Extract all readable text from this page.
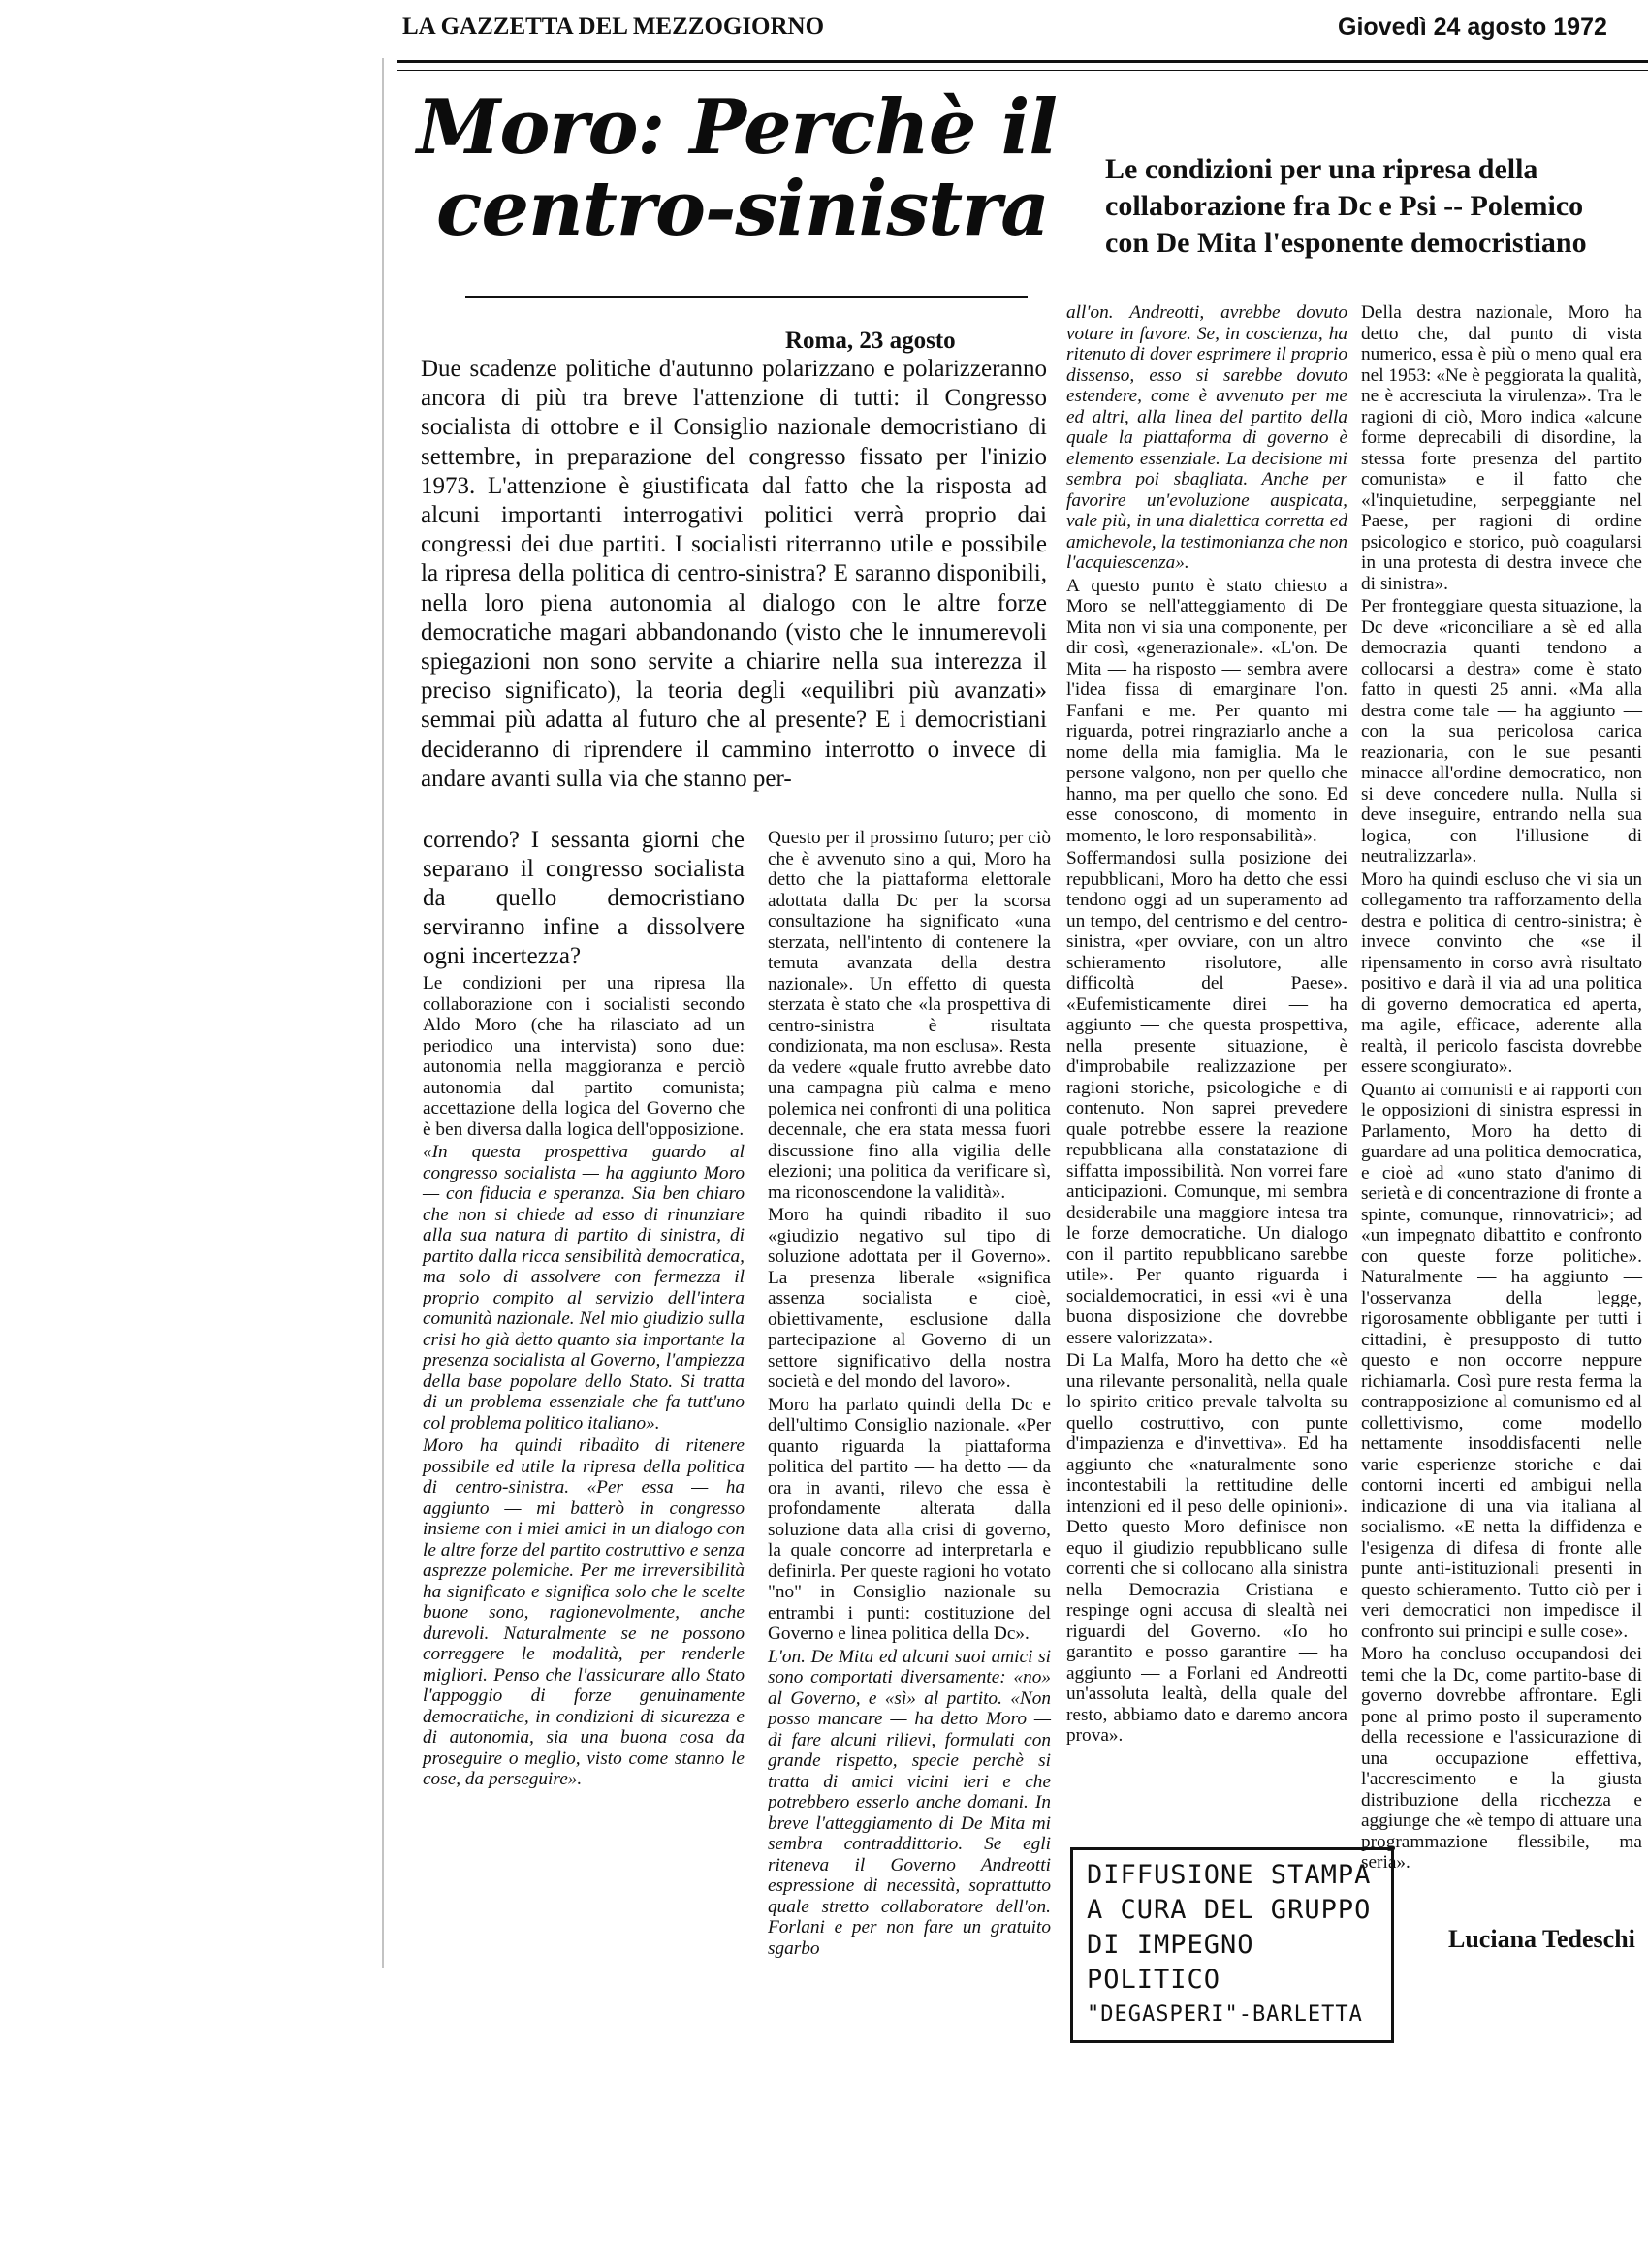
LA GAZZETTA DEL MEZZOGIORNO	Giovedì 24 agosto 1972
Moro: Perchè il
centro-sinistra Le condizioni per una ripresa della collaborazione fra Dc e Psi -- Polemico con De Mita l'esponente democristiano
Roma, 23 agosto
Due scadenze politiche d'autunno polarizzano e polarizzeranno ancora di più tra breve l'attenzione di tutti: il Congresso socialista di ottobre e il Consiglio nazionale democristiano di settembre, in preparazione del congresso fissato per l'inizio 1973. L'attenzione è giustificata dal fatto che la risposta ad alcuni importanti interrogativi politici verrà proprio dai congressi dei due partiti. I socialisti riterranno utile e possibile la ripresa della politica di centro-sinistra? E saranno disponibili, nella loro piena autonomia al dialogo con le altre forze democratiche magari abbandonando (visto che le innumerevoli spiegazioni non sono servite a chiarire nella sua interezza il preciso significato), la teoria degli «equilibri più avanzati» semmai più adatta al futuro che al presente? E i democristiani decideranno di riprendere il cammino interrotto o invece di andare avanti sulla via che stanno per-

correndo? I sessanta giorni che separano il congresso socialista da quello democristiano serviranno infine a dissolvere ogni incertezza?

Le condizioni per una ripresa lla collaborazione con i socialisti secondo Aldo Moro (che ha rilasciato ad un periodico una intervista) sono due: autonomia nella maggioranza e perciò autonomia dal partito comunista; accettazione della logica del Governo che è ben diversa dalla logica dell'opposizione.

«In questa prospettiva guardo al congresso socialista — ha aggiunto Moro — con fiducia e speranza. Sia ben chiaro che non si chiede ad esso di rinunziare alla sua natura di partito di sinistra, di partito dalla ricca sensibilità democratica, ma solo di assolvere con fermezza il proprio compito al servizio dell'intera comunità nazionale. Nel mio giudizio sulla crisi ho già detto quanto sia importante la presenza socialista al Governo, l'ampiezza della base popolare dello Stato. Si tratta di un problema essenziale che fa tutt'uno col problema politico italiano».

Moro ha quindi ribadito di ritenere possibile ed utile la ripresa della politica di centro-sinistra. «Per essa — ha aggiunto — mi batterò in congresso insieme con i miei amici in un dialogo con le altre forze del partito costruttivo e senza asprezze polemiche. Per me irreversibilità ha significato e significa solo che le scelte buone sono, ragionevolmente, anche durevoli. Naturalmente se ne possono correggere le modalità, per renderle migliori. Penso che l'assicurare allo Stato l'appoggio di forze genuinamente democratiche, in condizioni di sicurezza e di autonomia, sia una buona cosa da proseguire o meglio, visto come stanno le cose, da perseguire».

Questo per il prossimo futuro; per ciò che è avvenuto sino a qui, Moro ha detto che la piattaforma elettorale adottata dalla Dc per la scorsa consultazione ha significato «una sterzata, nell'intento di contenere la temuta avanzata della destra nazionale». Un effetto di questa sterzata è stato che «la prospettiva di centro-sinistra è risultata condizionata, ma non esclusa». Resta da vedere «quale frutto avrebbe dato una campagna più calma e meno polemica nei confronti di una politica decennale, che era stata messa fuori discussione fino alla vigilia delle elezioni; una politica da verificare sì, ma riconoscendone la validità».

Moro ha quindi ribadito il suo «giudizio negativo sul tipo di soluzione adottata per il Governo». La presenza liberale «significa assenza socialista e cioè, obiettivamente, esclusione dalla partecipazione al Governo di un settore significativo della nostra società e del mondo del lavoro».

Moro ha parlato quindi della Dc e dell'ultimo Consiglio nazionale. «Per quanto riguarda la piattaforma politica del partito — ha detto — da ora in avanti, rilevo che essa è profondamente alterata dalla soluzione data alla crisi di governo, la quale concorre ad interpretarla e definirla. Per queste ragioni ho votato "no" in Consiglio nazionale su entrambi i punti: costituzione del Governo e linea politica della Dc».

L'on. De Mita ed alcuni suoi amici si sono comportati diversamente: «no» al Governo, e «sì» al partito. «Non posso mancare — ha detto Moro — di fare alcuni rilievi, formulati con grande rispetto, specie perchè si tratta di amici vicini ieri e che potrebbero esserlo anche domani. In breve l'atteggiamento di De Mita mi sembra contraddittorio. Se egli riteneva il Governo Andreotti espressione di necessità, soprattutto quale stretto collaboratore dell'on. Forlani e per non fare un gratuito sgarbo

all'on. Andreotti, avrebbe dovuto votare in favore. Se, in coscienza, ha ritenuto di dover esprimere il proprio dissenso, esso si sarebbe dovuto estendere, come è avvenuto per me ed altri, alla linea del partito della quale la piattaforma di governo è elemento essenziale. La decisione mi sembra poi sbagliata. Anche per favorire un'evoluzione auspicata, vale più, in una dialettica corretta ed amichevole, la testimonianza che non l'acquiescenza».

A questo punto è stato chiesto a Moro se nell'atteggiamento di De Mita non vi sia una componente, per dir così, «generazionale». «L'on. De Mita — ha risposto — sembra avere l'idea fissa di emarginare l'on. Fanfani e me. Per quanto mi riguarda, potrei ringraziarlo anche a nome della mia famiglia. Ma le persone valgono, non per quello che hanno, ma per quello che sono. Ed esse conoscono, di momento in momento, le loro responsabilità».

Soffermandosi sulla posizione dei repubblicani, Moro ha detto che essi tendono oggi ad un superamento ad un tempo, del centrismo e del centro-sinistra, «per ovviare, con un altro schieramento risolutore, alle difficoltà del Paese». «Eufemisticamente direi — ha aggiunto — che questa prospettiva, nella presente situazione, è d'improbabile realizzazione per ragioni storiche, psicologiche e di contenuto. Non saprei prevedere quale potrebbe essere la reazione repubblicana alla constatazione di siffatta impossibilità. Non vorrei fare anticipazioni. Comunque, mi sembra desiderabile una maggiore intesa tra le forze democratiche. Un dialogo con il partito repubblicano sarebbe utile». Per quanto riguarda i socialdemocratici, in essi «vi è una buona disposizione che dovrebbe essere valorizzata».

Di La Malfa, Moro ha detto che «è una rilevante personalità, nella quale lo spirito critico prevale talvolta su quello costruttivo, con punte d'impazienza e d'invettiva». Ed ha aggiunto che «naturalmente sono incontestabili la rettitudine delle intenzioni ed il peso delle opinioni». Detto questo Moro definisce non equo il giudizio repubblicano sulle correnti che si collocano alla sinistra nella Democrazia Cristiana e respinge ogni accusa di slealtà nei riguardi del Governo. «Io ho garantito e posso garantire — ha aggiunto — a Forlani ed Andreotti un'assoluta lealtà, della quale del resto, abbiamo dato e daremo ancora prova».

Della destra nazionale, Moro ha detto che, dal punto di vista numerico, essa è più o meno qual era nel 1953: «Ne è peggiorata la qualità, ne è accresciuta la virulenza». Tra le ragioni di ciò, Moro indica «alcune forme deprecabili di disordine, la stessa forte presenza del partito comunista» e il fatto che «l'inquietudine, serpeggiante nel Paese, per ragioni di ordine psicologico e storico, può coagularsi in una protesta di destra invece che di sinistra».

Per fronteggiare questa situazione, la Dc deve «riconciliare a sè ed alla democrazia quanti tendono a collocarsi a destra» come è stato fatto in questi 25 anni. «Ma alla destra come tale — ha aggiunto — con la sua pericolosa carica reazionaria, con le sue pesanti minacce all'ordine democratico, non si deve concedere nulla. Nulla si deve inseguire, entrando nella sua logica, con l'illusione di neutralizzarla».

Moro ha quindi escluso che vi sia un collegamento tra rafforzamento della destra e politica di centro-sinistra; è invece convinto che «se il ripensamento in corso avrà risultato positivo e darà il via ad una politica di governo democratica ed aperta, ma agile, efficace, aderente alla realtà, il pericolo fascista dovrebbe essere scongiurato».

Quanto ai comunisti e ai rapporti con le opposizioni di sinistra espressi in Parlamento, Moro ha detto di guardare ad una politica democratica, e cioè ad «uno stato d'animo di serietà e di concentrazione di fronte a spinte, comunque, rinnovatrici»; ad «un impegnato dibattito e confronto con queste forze politiche». Naturalmente — ha aggiunto — l'osservanza della legge, rigorosamente obbligante per tutti i cittadini, è presupposto di tutto questo e non occorre neppure richiamarla. Così pure resta ferma la contrapposizione al comunismo ed al collettivismo, come modello nettamente insoddisfacenti nelle varie esperienze storiche e dai contorni incerti ed ambigui nella indicazione di una via italiana al socialismo. «E netta la diffidenza e l'esigenza di difesa di fronte alle punte anti-istituzionali presenti in questo schieramento. Tutto ciò per i veri democratici non impedisce il confronto sui principi e sulle cose».

Moro ha concluso occupandosi dei temi che la Dc, come partito-base di governo dovrebbe affrontare. Egli pone al primo posto il superamento della recessione e l'assicurazione di una occupazione effettiva, l'accrescimento e la giusta distribuzione della ricchezza e aggiunge che «è tempo di attuare una programmazione flessibile, ma seria».

Luciana Tedeschi
DIFFUSIONE STAMPA
A CURA DEL GRUPPO
DI IMPEGNO POLITICO
"DEGASPERI"-BARLETTA
